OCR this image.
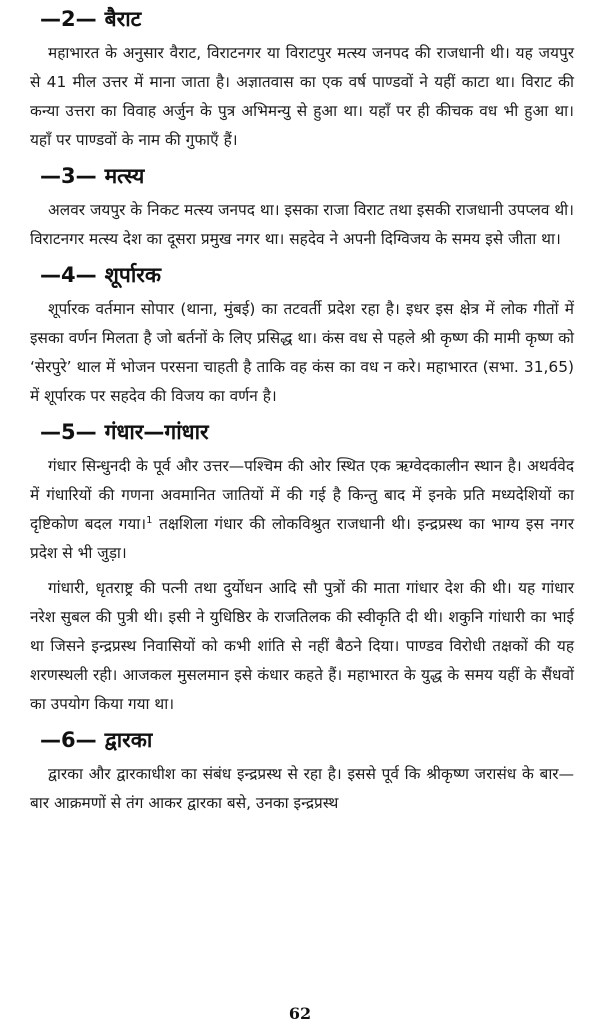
—2— बैराट

महाभारत के अनुसार वैराट, विराटनगर या विराटपुर मत्स्य जनपद की राजधानी थी। यह जयपुर से 41 मील उत्तर में माना जाता है। अज्ञातवास का एक वर्ष पाण्डवों ने यहीं काटा था। विराट की कन्या उत्तरा का विवाह अर्जुन के पुत्र अभिमन्यु से हुआ था। यहाँ पर ही कीचक वध भी हुआ था। यहाँ पर पाण्डवों के नाम की गुफाएँ हैं।

—3— मत्स्य

अलवर जयपुर के निकट मत्स्य जनपद था। इसका राजा विराट तथा इसकी राजधानी उपप्लव थी। विराटनगर मत्स्य देश का दूसरा प्रमुख नगर था। सहदेव ने अपनी दिग्विजय के समय इसे जीता था।

—4— शूर्पारक

शूर्पारक वर्तमान सोपार (थाना, मुंबई) का तटवर्ती प्रदेश रहा है। इधर इस क्षेत्र में लोक गीतों में इसका वर्णन मिलता है जो बर्तनों के लिए प्रसिद्ध था। कंस वध से पहले श्री कृष्ण की मामी कृष्ण को ‘सेरपुरे’ थाल में भोजन परसना चाहती है ताकि वह कंस का वध न करे। महाभारत (सभा. 31,65) में शूर्पारक पर सहदेव की विजय का वर्णन है।

—5— गंधार—गांधार

गंधार सिन्धुनदी के पूर्व और उत्तर—पश्चिम की ओर स्थित एक ऋग्वेदकालीन स्थान है। अथर्ववेद में गंधारियों की गणना अवमानित जातियों में की गई है किन्तु बाद में इनके प्रति मध्यदेशियों का दृष्टिकोण बदल गया।$^1$ तक्षशिला गंधार की लोकविश्रुत राजधानी थी। इन्द्रप्रस्थ का भाग्य इस नगर प्रदेश से भी जुड़ा।

गांधारी, धृतराष्ट्र की पत्नी तथा दुर्योधन आदि सौ पुत्रों की माता गांधार देश की थी। यह गांधार नरेश सुबल की पुत्री थी। इसी ने युधिष्ठिर के राजतिलक की स्वीकृति दी थी। शकुनि गांधारी का भाई था जिसने इन्द्रप्रस्थ निवासियों को कभी शांति से नहीं बैठने दिया। पाण्डव विरोधी तक्षकों की यह शरणस्थली रही। आजकल मुसलमान इसे कंधार कहते हैं। महाभारत के युद्ध के समय यहीं के सैंधवों का उपयोग किया गया था।

—6— द्वारका

द्वारका और द्वारकाधीश का संबंध इन्द्रप्रस्थ से रहा है। इससे पूर्व कि श्रीकृष्ण जरासंध के बार—बार आक्रमणों से तंग आकर द्वारका बसे, उनका इन्द्रप्रस्थ

62
